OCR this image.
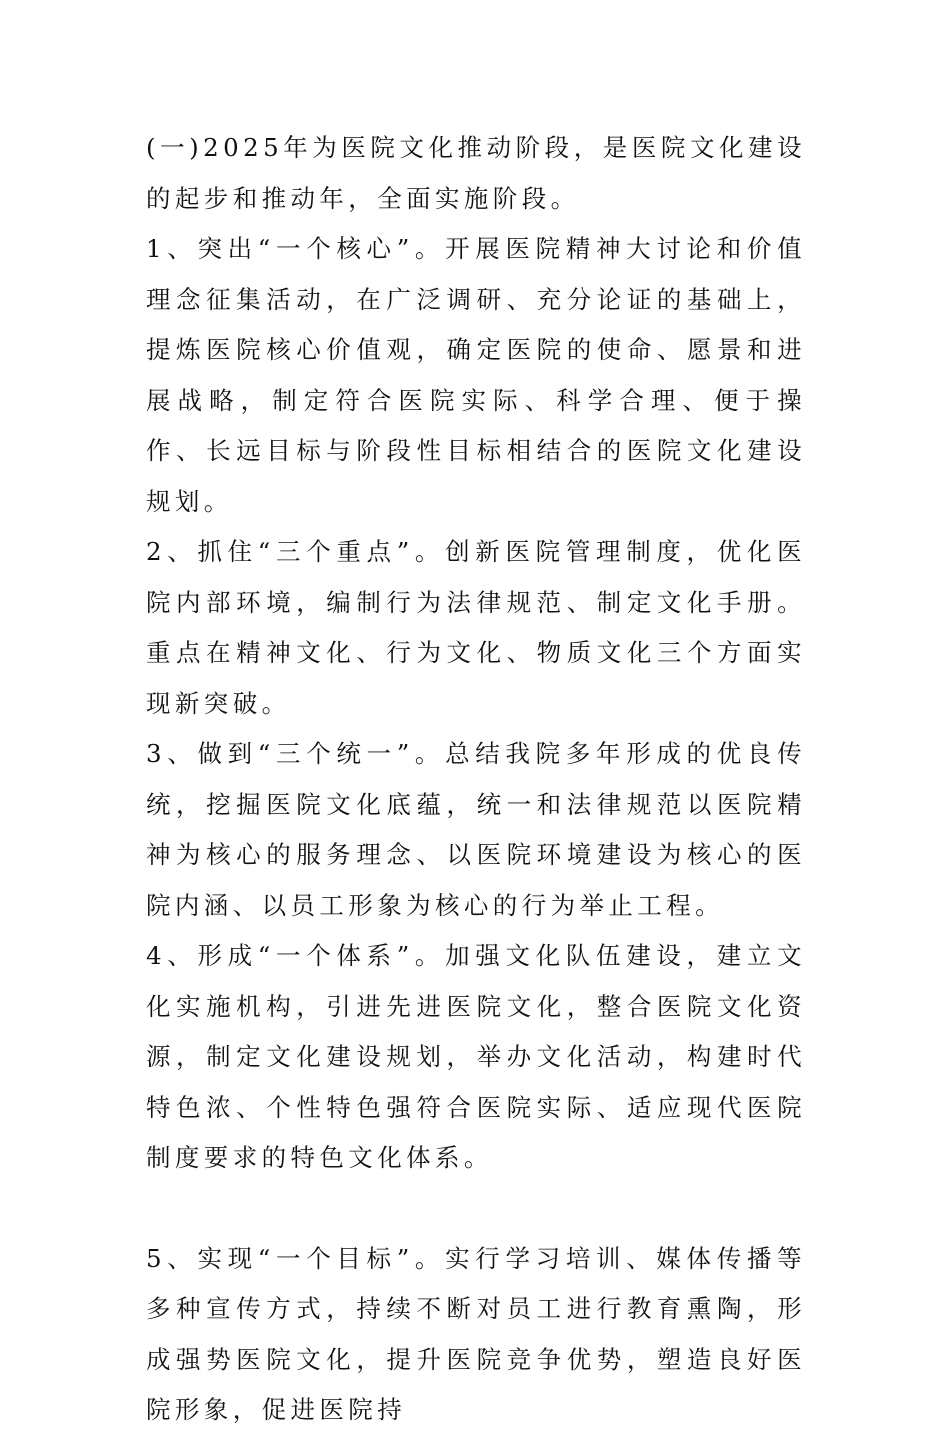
(一)2025年为医院文化推动阶段，是医院文化建设的起步和推动年，全面实施阶段。

1、突出“一个核心”。开展医院精神大讨论和价值理念征集活动，在广泛调研、充分论证的基础上，提炼医院核心价值观，确定医院的使命、愿景和进展战略，制定符合医院实际、科学合理、便于操作、长远目标与阶段性目标相结合的医院文化建设规划。

2、抓住“三个重点”。创新医院管理制度，优化医院内部环境，编制行为法律规范、制定文化手册。重点在精神文化、行为文化、物质文化三个方面实现新突破。

3、做到“三个统一”。总结我院多年形成的优良传统，挖掘医院文化底蕴，统一和法律规范以医院精神为核心的服务理念、以医院环境建设为核心的医院内涵、以员工形象为核心的行为举止工程。

4、形成“一个体系”。加强文化队伍建设，建立文化实施机构，引进先进医院文化，整合医院文化资源，制定文化建设规划，举办文化活动，构建时代特色浓、个性特色强符合医院实际、适应现代医院制度要求的特色文化体系。

5、实现“一个目标”。实行学习培训、媒体传播等多种宣传方式，持续不断对员工进行教育熏陶，形成强势医院文化，提升医院竞争优势，塑造良好医院形象，促进医院持
